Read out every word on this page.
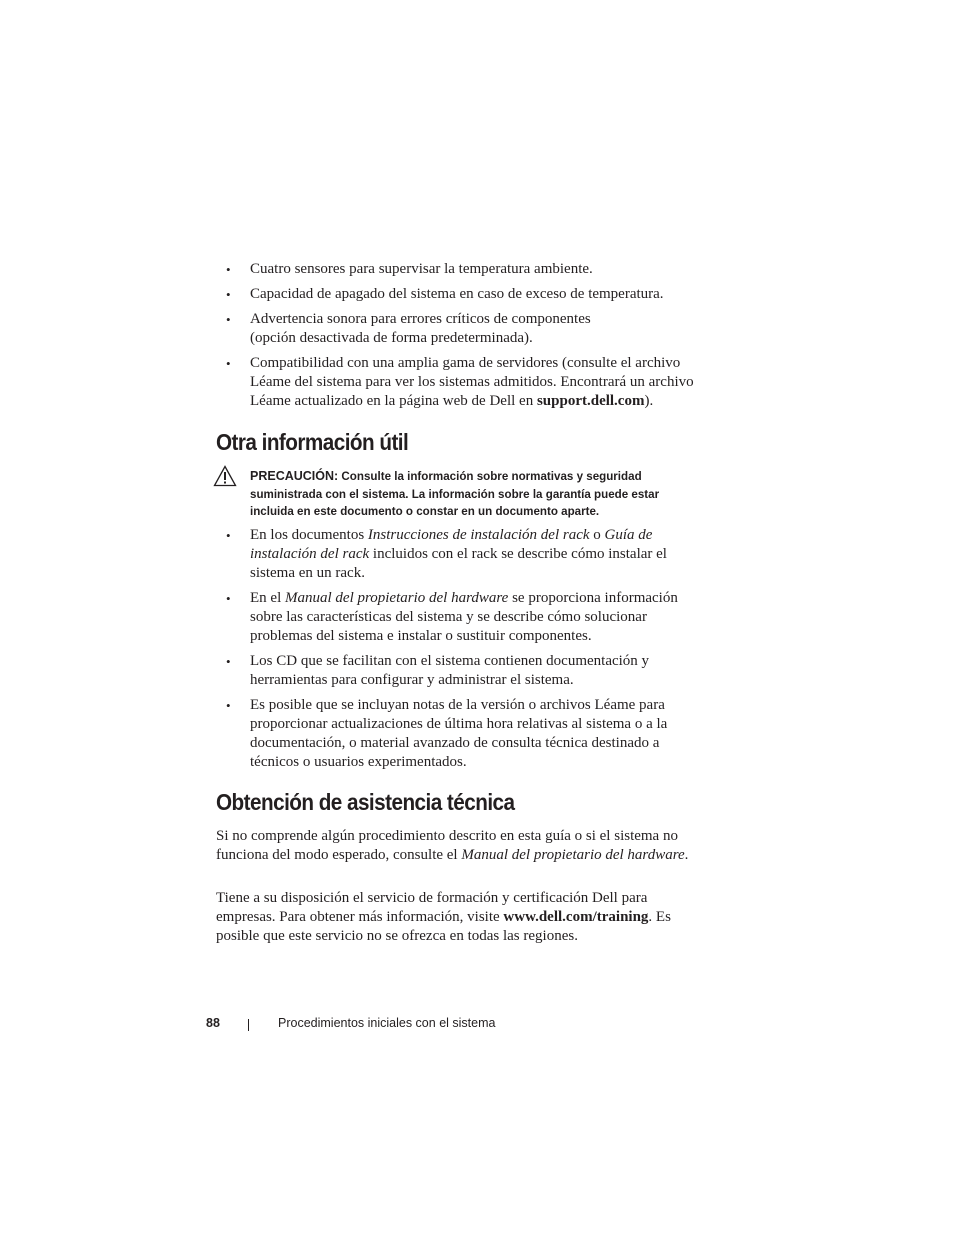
• Cuatro sensores para supervisar la temperatura ambiente.
• Capacidad de apagado del sistema en caso de exceso de temperatura.
• Advertencia sonora para errores críticos de componentes
(opción desactivada de forma predeterminada).
• Compatibilidad con una amplia gama de servidores (consulte el archivo Léame del sistema para ver los sistemas admitidos. Encontrará un archivo Léame actualizado en la página web de Dell en support.dell.com).
Otra información útil
PRECAUCIÓN: Consulte la información sobre normativas y seguridad suministrada con el sistema. La información sobre la garantía puede estar incluida en este documento o constar en un documento aparte.
• En los documentos Instrucciones de instalación del rack o Guía de instalación del rack incluidos con el rack se describe cómo instalar el sistema en un rack.
• En el Manual del propietario del hardware se proporciona información sobre las características del sistema y se describe cómo solucionar problemas del sistema e instalar o sustituir componentes.
• Los CD que se facilitan con el sistema contienen documentación y herramientas para configurar y administrar el sistema.
• Es posible que se incluyan notas de la versión o archivos Léame para proporcionar actualizaciones de última hora relativas al sistema o a la documentación, o material avanzado de consulta técnica destinado a técnicos o usuarios experimentados.
Obtención de asistencia técnica
Si no comprende algún procedimiento descrito en esta guía o si el sistema no funciona del modo esperado, consulte el Manual del propietario del hardware.
Tiene a su disposición el servicio de formación y certificación Dell para empresas. Para obtener más información, visite www.dell.com/training. Es posible que este servicio no se ofrezca en todas las regiones.
88	Procedimientos iniciales con el sistema
